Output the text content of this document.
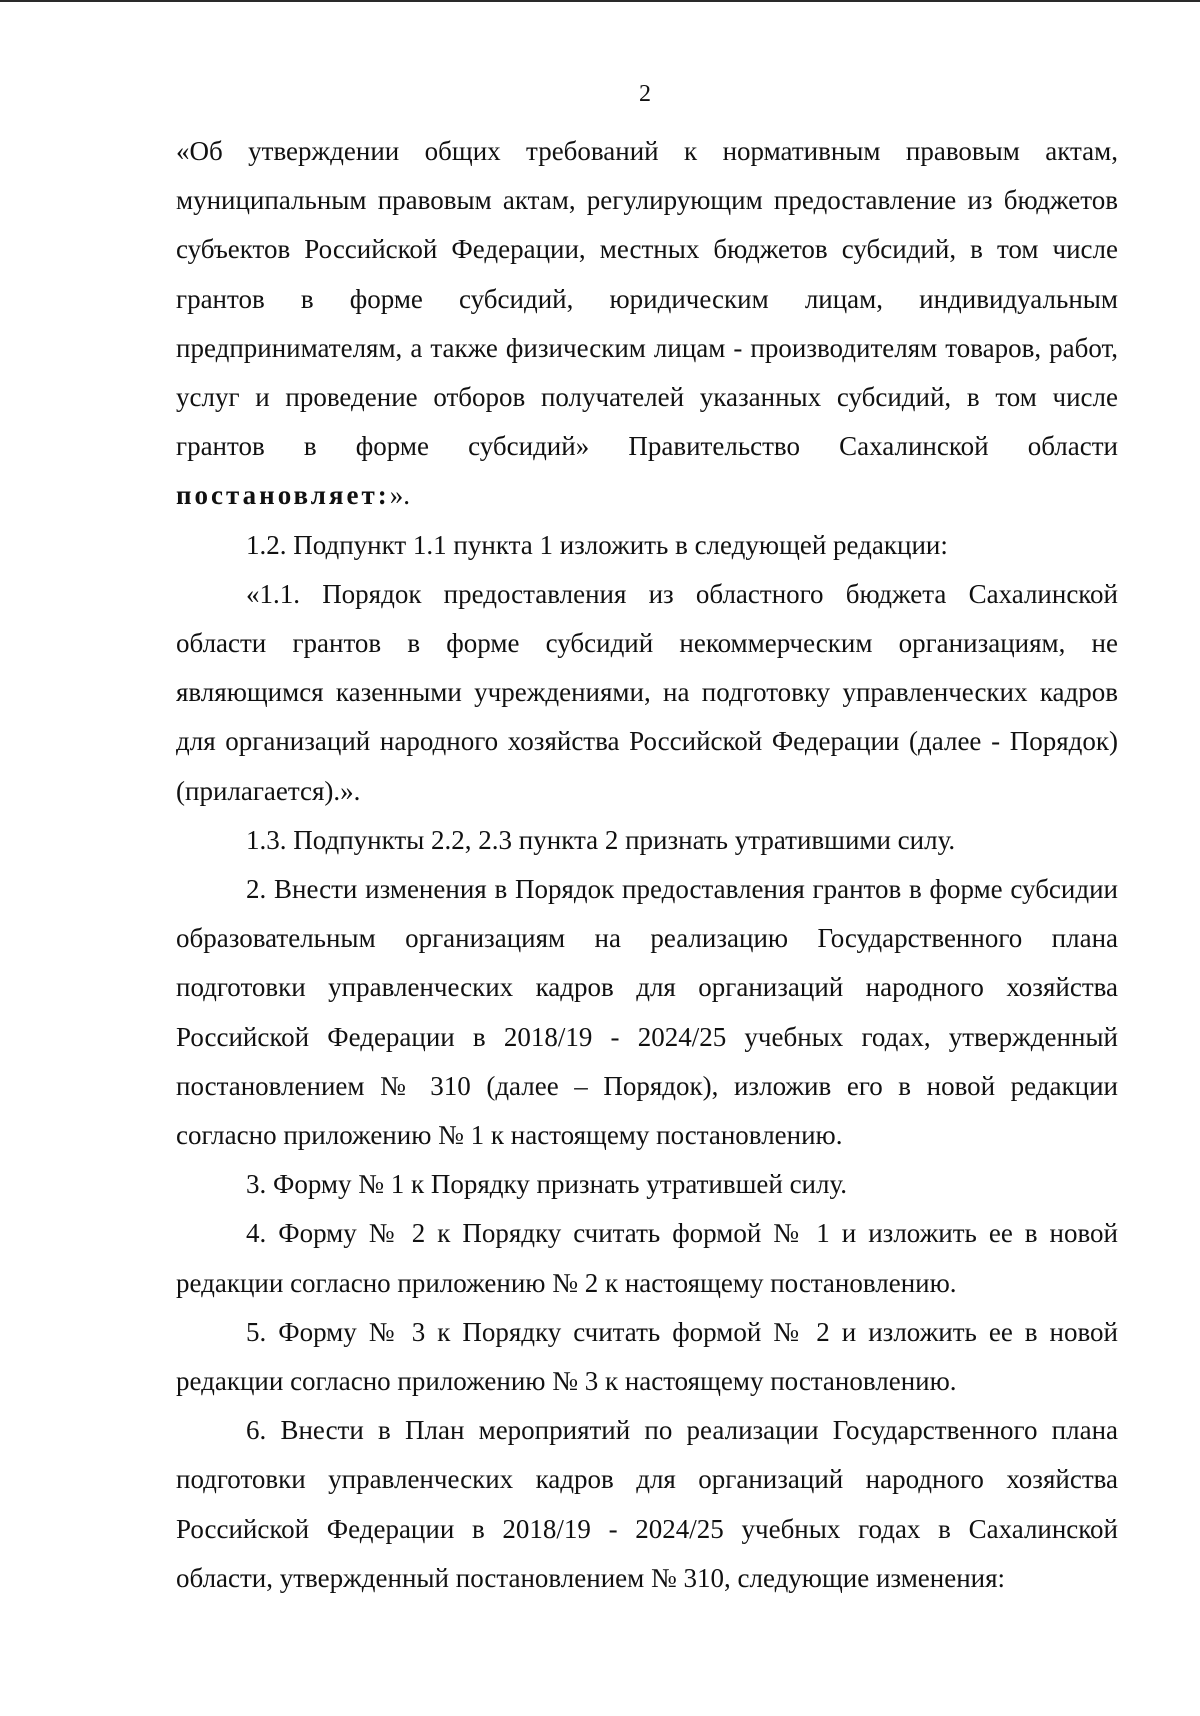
2

«Об утверждении общих требований к нормативным правовым актам, муниципальным правовым актам, регулирующим предоставление из бюджетов субъектов Российской Федерации, местных бюджетов субсидий, в том числе грантов в форме субсидий, юридическим лицам, индивидуальным предпринимателям, а также физическим лицам - производителям товаров, работ, услуг и проведение отборов получателей указанных субсидий, в том числе грантов в форме субсидий» Правительство Сахалинской области постановляет:».

1.2. Подпункт 1.1 пункта 1 изложить в следующей редакции:

«1.1. Порядок предоставления из областного бюджета Сахалинской области грантов в форме субсидий некоммерческим организациям, не являющимся казенными учреждениями, на подготовку управленческих кадров для организаций народного хозяйства Российской Федерации (далее - Порядок) (прилагается).».

1.3. Подпункты 2.2, 2.3 пункта 2 признать утратившими силу.

2. Внести изменения в Порядок предоставления грантов в форме субсидии образовательным организациям на реализацию Государственного плана подготовки управленческих кадров для организаций народного хозяйства Российской Федерации в 2018/19 - 2024/25 учебных годах, утвержденный постановлением № 310 (далее – Порядок), изложив его в новой редакции согласно приложению № 1 к настоящему постановлению.

3. Форму № 1 к Порядку признать утратившей силу.

4. Форму № 2 к Порядку считать формой № 1 и изложить ее в новой редакции согласно приложению № 2 к настоящему постановлению.

5. Форму № 3 к Порядку считать формой № 2 и изложить ее в новой редакции согласно приложению № 3 к настоящему постановлению.

6. Внести в План мероприятий по реализации Государственного плана подготовки управленческих кадров для организаций народного хозяйства Российской Федерации в 2018/19 - 2024/25 учебных годах в Сахалинской области, утвержденный постановлением № 310, следующие изменения:
